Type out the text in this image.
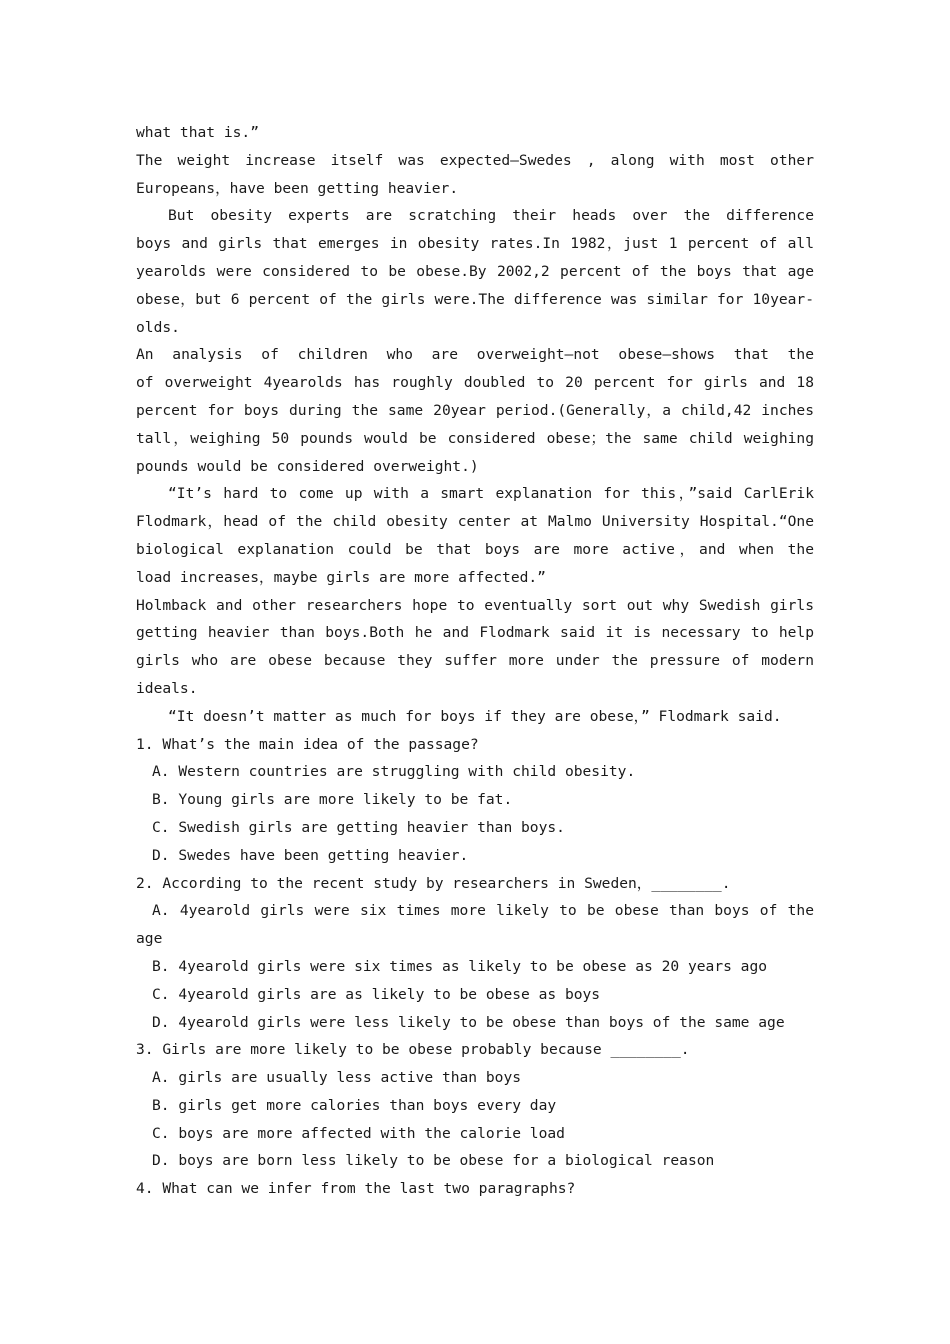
what that is.”
The weight increase itself was expected—Swedes , along with most other
Europeans，have been getting heavier.
But obesity experts are scratching their heads over the difference
boys and girls that emerges in obesity rates.In 1982，just 1 percent of all
yearolds were considered to be obese.By 2002,2 percent of the boys that age
obese，but 6 percent of the girls were.The difference was similar for 10year-
olds.
An analysis of children who are overweight—not obese—shows that the
of overweight 4yearolds has roughly doubled to 20 percent for girls and 18
percent for boys during the same 20year period.(Generally，a child,42 inches
tall，weighing 50 pounds would be considered obese；the same child weighing
pounds would be considered overweight.)
“It’s hard to come up with a smart explanation for this，”said CarlErik
Flodmark，head of the child obesity center at Malmo University Hospital.“One
biological explanation could be that boys are more active，and when the
load increases，maybe girls are more affected.”
Holmback and other researchers hope to eventually sort out why Swedish girls
getting heavier than boys.Both he and Flodmark said it is necessary to help
girls who are obese because they suffer more under the pressure of modern
ideals.
“It doesn’t matter as much for boys if they are obese，” Flodmark said.
1. What’s the main idea of the passage?
A. Western countries are struggling with child obesity.
B. Young girls are more likely to be fat.
C. Swedish girls are getting heavier than boys.
D. Swedes have been getting heavier.
2. According to the recent study by researchers in Sweden，________.
A. 4yearold girls were six times more likely to be obese than boys of the
age
B. 4yearold girls were six times as likely to be obese as 20 years ago
C. 4yearold girls are as likely to be obese as boys
D. 4yearold girls were less likely to be obese than boys of the same age
3. Girls are more likely to be obese probably because ________.
A. girls are usually less active than boys
B. girls get more calories than boys every day
C. boys are more affected with the calorie load
D. boys are born less likely to be obese for a biological reason
4. What can we infer from the last two paragraphs?
